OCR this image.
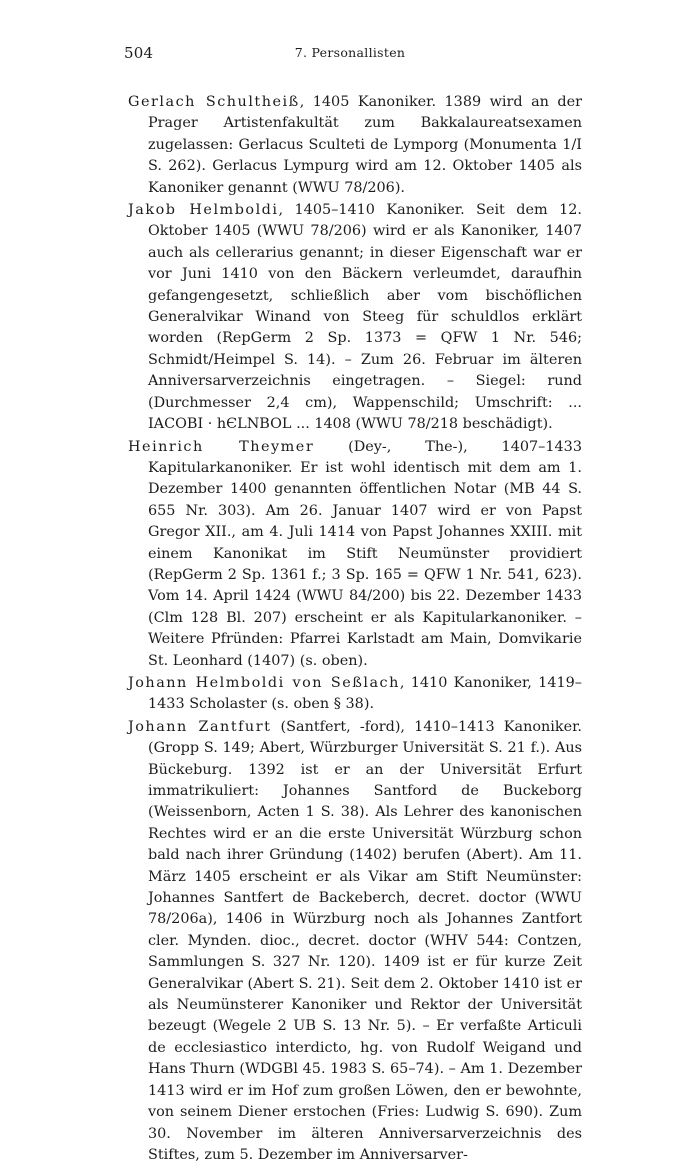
504	7. Personallisten

Gerlach Schultheiß, 1405 Kanoniker. 1389 wird an der Prager Artistenfakultät zum Bakkalaureatsexamen zugelassen: Gerlacus Sculteti de Lymporg (Monumenta 1/I S. 262). Gerlacus Lympurg wird am 12. Oktober 1405 als Kanoniker genannt (WWU 78/206).

Jakob Helmboldi, 1405–1410 Kanoniker. Seit dem 12. Oktober 1405 (WWU 78/206) wird er als Kanoniker, 1407 auch als cellerarius genannt; in dieser Eigenschaft war er vor Juni 1410 von den Bäckern verleumdet, daraufhin gefangengesetzt, schließlich aber vom bischöflichen Generalvikar Winand von Steeg für schuldlos erklärt worden (RepGerm 2 Sp. 1373 = QFW 1 Nr. 546; Schmidt/Heimpel S. 14). – Zum 26. Februar im älteren Anniversarverzeichnis eingetragen. – Siegel: rund (Durchmesser 2,4 cm), Wappenschild; Umschrift: ... IACOBI · hЄLNBOL ... 1408 (WWU 78/218 beschädigt).

Heinrich Theymer (Dey-, The-), 1407–1433 Kapitularkanoniker. Er ist wohl identisch mit dem am 1. Dezember 1400 genannten öffentlichen Notar (MB 44 S. 655 Nr. 303). Am 26. Januar 1407 wird er von Papst Gregor XII., am 4. Juli 1414 von Papst Johannes XXIII. mit einem Kanonikat im Stift Neumünster providiert (RepGerm 2 Sp. 1361 f.; 3 Sp. 165 = QFW 1 Nr. 541, 623). Vom 14. April 1424 (WWU 84/200) bis 22. Dezember 1433 (Clm 128 Bl. 207) erscheint er als Kapitularkanoniker. – Weitere Pfründen: Pfarrei Karlstadt am Main, Domvikarie St. Leonhard (1407) (s. oben).

Johann Helmboldi von Seßlach, 1410 Kanoniker, 1419–1433 Scholaster (s. oben § 38).

Johann Zantfurt (Santfert, -ford), 1410–1413 Kanoniker. (Gropp S. 149; Abert, Würzburger Universität S. 21 f.). Aus Bückeburg. 1392 ist er an der Universität Erfurt immatrikuliert: Johannes Santford de Buckeborg (Weissenborn, Acten 1 S. 38). Als Lehrer des kanonischen Rechtes wird er an die erste Universität Würzburg schon bald nach ihrer Gründung (1402) berufen (Abert). Am 11. März 1405 erscheint er als Vikar am Stift Neumünster: Johannes Santfert de Backeberch, decret. doctor (WWU 78/206a), 1406 in Würzburg noch als Johannes Zantfort cler. Mynden. dioc., decret. doctor (WHV 544: Contzen, Sammlungen S. 327 Nr. 120). 1409 ist er für kurze Zeit Generalvikar (Abert S. 21). Seit dem 2. Oktober 1410 ist er als Neumünsterer Kanoniker und Rektor der Universität bezeugt (Wegele 2 UB S. 13 Nr. 5). – Er verfaßte Articuli de ecclesiastico interdicto, hg. von Rudolf Weigand und Hans Thurn (WDGBl 45. 1983 S. 65–74). – Am 1. Dezember 1413 wird er im Hof zum großen Löwen, den er bewohnte, von seinem Diener erstochen (Fries: Ludwig S. 690). Zum 30. November im älteren Anniversarverzeichnis des Stiftes, zum 5. Dezember im Anniversarver-
